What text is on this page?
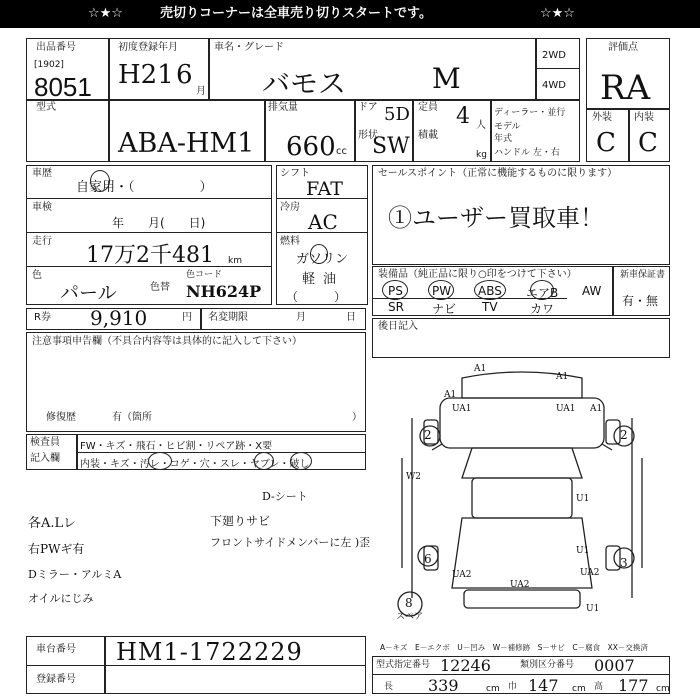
☆★☆	売切りコーナーは全車売り切りスタートです。	☆★☆
出品番号
[1902]
8051
初度登録年月
H21 6
月
車名・グレード
バモス	M
2WD
4WD
型式
ABA-HM1
排気量
660 cc
ドア 5D
形状
SW
定員 4 人
積載
kg
ディーラー・並行
モデル
年式
ハンドル 左・右
評価点
RA
外装 内装
C C
車歴
自家用・（　　　　　）
車検
年　　月(　　日)
走行
17万2千481 km
色
パール	色替
色コード
NH624P
シフト
FAT
冷房
AC
燃料
ガソリン
軽油
（　　　）
セールスポイント（正常に機能するものに限ります）
①ユーザー買取車！
装備品（純正品に限り○印をつけて下さい）
PS PW ABS エアB AW
SR ナビ TV	カワ
新車保証書
有・無
R券 9,910	円 名変期限	月	日
注意事項申告欄（不具合内容等は具体的に記入して下さい）
修復歴	有（箇所	）
後日記入
検査員
記入欄
FW・キズ・飛石・ヒビ割・リペア跡・X要
内装・キズ・汚レ・コゲ・穴・スレ・ヤブレ・破し
D-シート
下廻りサビ
フロントサイドメンバーに左 )歪
各A.Lレ
右PWギ有
Dミラー・アルミA
オイルにじみ
A1
A1
A1
UA1	UA1 A1
2	2
W2
U1
6
UA2
UA2
UA2
U1
3
8	U1
スペア
A－キズ　E－エクボ　U－凹み　W－補修跡　S－サビ　C－腐食　XX－交換済
車台番号 HM1-1722229
登録番号
型式指定番号 12246	類別区分番号 0007
長 339	cm 巾 147 cm 高 177 cm
